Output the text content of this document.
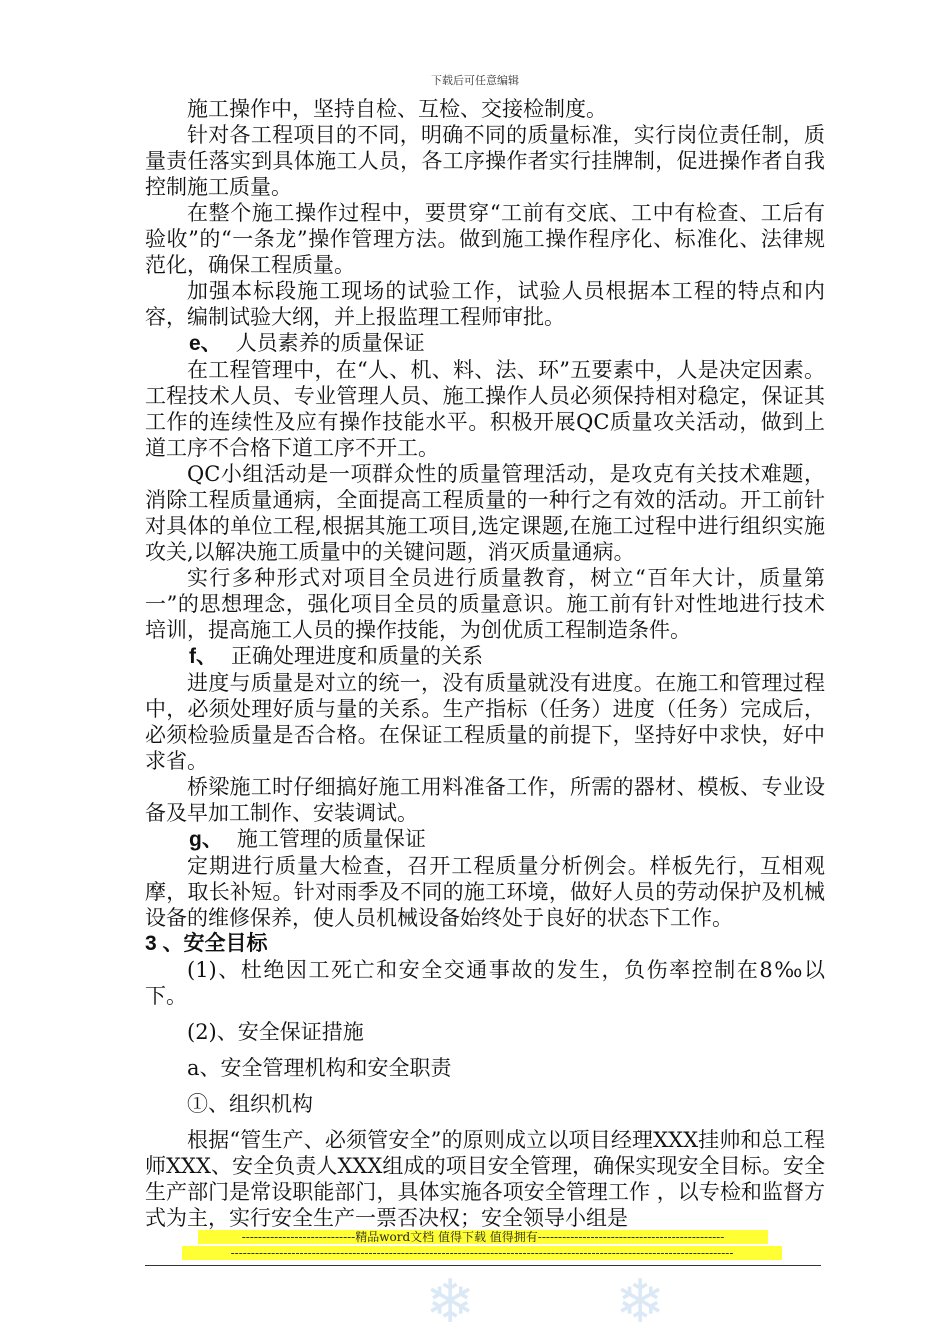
下载后可任意编辑

施工操作中，坚持自检、互检、交接检制度。

针对各工程项目的不同，明确不同的质量标准，实行岗位责任制，质量责任落实到具体施工人员，各工序操作者实行挂牌制，促进操作者自我控制施工质量。

在整个施工操作过程中，要贯穿“工前有交底、工中有检查、工后有验收”的“一条龙”操作管理方法。做到施工操作程序化、标准化、法律规范化，确保工程质量。

加强本标段施工现场的试验工作，试验人员根据本工程的特点和内容，编制试验大纲，并上报监理工程师审批。

e、 人员素养的质量保证

在工程管理中，在“人、机、料、法、环”五要素中，人是决定因素。工程技术人员、专业管理人员、施工操作人员必须保持相对稳定，保证其工作的连续性及应有操作技能水平。积极开展QC质量攻关活动，做到上道工序不合格下道工序不开工。

QC小组活动是一项群众性的质量管理活动，是攻克有关技术难题，消除工程质量通病，全面提高工程质量的一种行之有效的活动。开工前针对具体的单位工程,根据其施工项目,选定课题,在施工过程中进行组织实施攻关,以解决施工质量中的关键问题，消灭质量通病。

实行多种形式对项目全员进行质量教育，树立“百年大计，质量第一”的思想理念，强化项目全员的质量意识。施工前有针对性地进行技术培训，提高施工人员的操作技能，为创优质工程制造条件。

f、 正确处理进度和质量的关系

进度与质量是对立的统一，没有质量就没有进度。在施工和管理过程中，必须处理好质与量的关系。生产指标（任务）进度（任务）完成后，必须检验质量是否合格。在保证工程质量的前提下，坚持好中求快，好中求省。

桥梁施工时仔细搞好施工用料准备工作，所需的器材、模板、专业设备及早加工制作、安装调试。

g、 施工管理的质量保证

定期进行质量大检查，召开工程质量分析例会。样板先行，互相观摩，取长补短。针对雨季及不同的施工环境，做好人员的劳动保护及机械设备的维修保养，使人员机械设备始终处于良好的状态下工作。

3 、安全目标

(1)、杜绝因工死亡和安全交通事故的发生，负伤率控制在8‰以下。

(2)、安全保证措施

a、安全管理机构和安全职责

①、组织机构

根据“管生产、必须管安全”的原则成立以项目经理XXX挂帅和总工程师XXX、安全负责人XXX组成的项目安全管理，确保实现安全目标。安全生产部门是常设职能部门，具体实施各项安全管理工作 ，以专检和监督方式为主，实行安全生产一票否决权；安全领导小组是

----------------------------精品word文档 值得下载 值得拥有----------------------------------------------
----------------------------------------------------------------------------------------------------------------------------
❄ ❄
